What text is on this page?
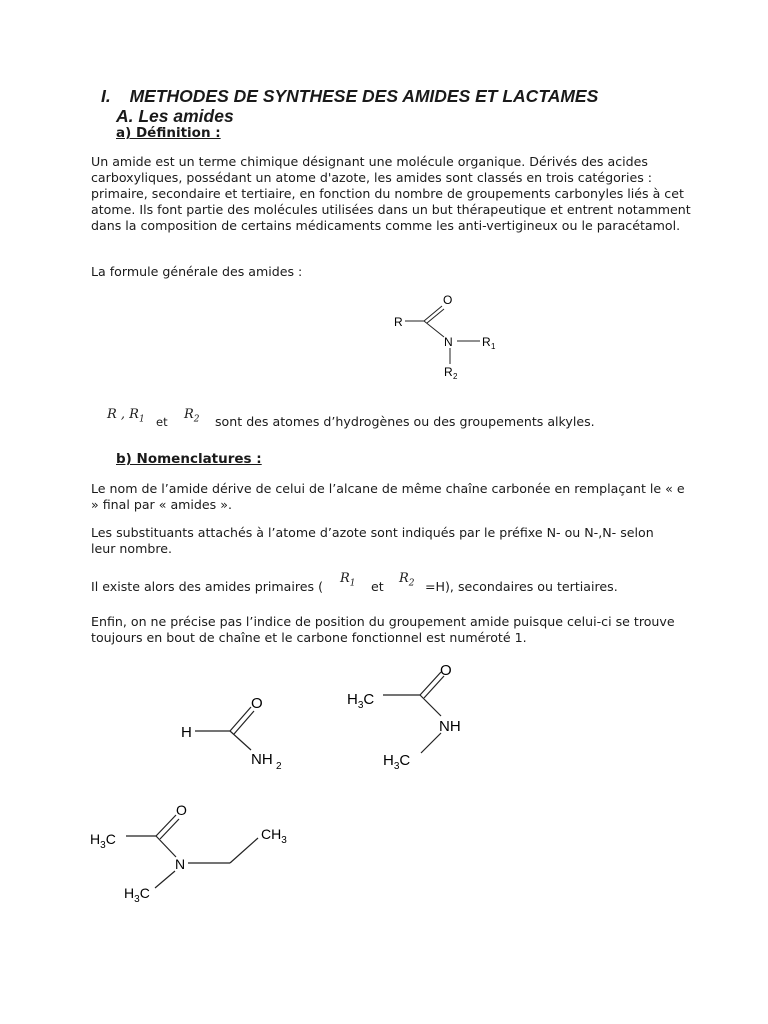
I. METHODES DE SYNTHESE DES AMIDES ET LACTAMES
A. Les amides
a) Définition :
Un amide est un terme chimique désignant une molécule organique. Dérivés des acides carboxyliques, possédant un atome d'azote, les amides sont classés en trois catégories : primaire, secondaire et tertiaire, en fonction du nombre de groupements carbonyles liés à cet atome. Ils font partie des molécules utilisées dans un but thérapeutique et entrent notamment dans la composition de certains médicaments comme les anti-vertigineux ou le paracétamol.
La formule générale des amides :
O
R
N R 1
R 2
R , $R_1$ et $R_2$ sont des atomes d’hydrogènes ou des groupements alkyles.
b) Nomenclatures :
Le nom de l’amide dérive de celui de l’alcane de même chaîne carbonée en remplaçant le « e » final par « amides ».
Les substituants attachés à l’atome d’azote sont indiqués par le préfixe N- ou N-,N- selon leur nombre.
Il existe alors des amides primaires (
$R_1$ et
$R_2 =H$), secondaires ou tertiaires.
Enfin, on ne précise pas l’indice de position du groupement amide puisque celui-ci se trouve toujours en bout de chaîne et le carbone fonctionnel est numéroté 1.
H
O
NH 2
O
$H_3C$
NH
$H_3C$
O
$H_3C$
N
$CH_3$
$H_3C$
